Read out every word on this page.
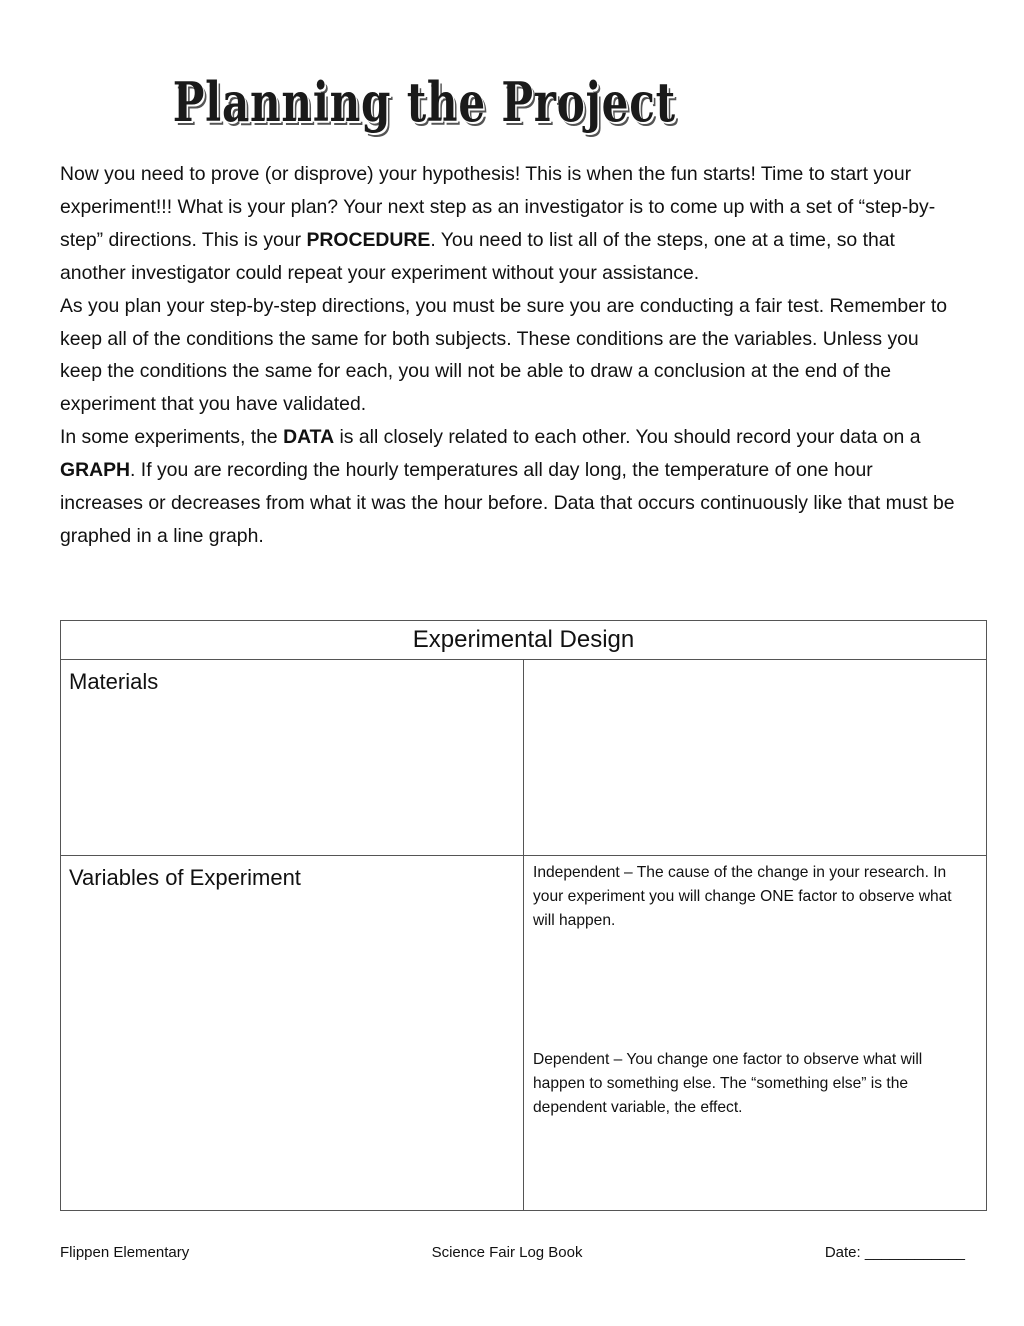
Planning the Project

Now you need to prove (or disprove) your hypothesis! This is when the fun starts! Time to start your experiment!!! What is your plan? Your next step as an investigator is to come up with a set of “step-by-step” directions. This is your PROCEDURE. You need to list all of the steps, one at a time, so that another investigator could repeat your experiment without your assistance.

As you plan your step-by-step directions, you must be sure you are conducting a fair test. Remember to keep all of the conditions the same for both subjects. These conditions are the variables. Unless you keep the conditions the same for each, you will not be able to draw a conclusion at the end of the experiment that you have validated.

In some experiments, the DATA is all closely related to each other. You should record your data on a GRAPH. If you are recording the hourly temperatures all day long, the temperature of one hour increases or decreases from what it was the hour before. Data that occurs continuously like that must be graphed in a line graph.

Experimental Design	
Materials	
Variables of Experiment	Independent – The cause of the change in your research. In your experiment you will change ONE factor to observe what will happen.

Dependent – You change one factor to observe what will happen to something else. The “something else” is the dependent variable, the effect.

Flippen Elementary	Science Fair Log Book	Date: ____________
